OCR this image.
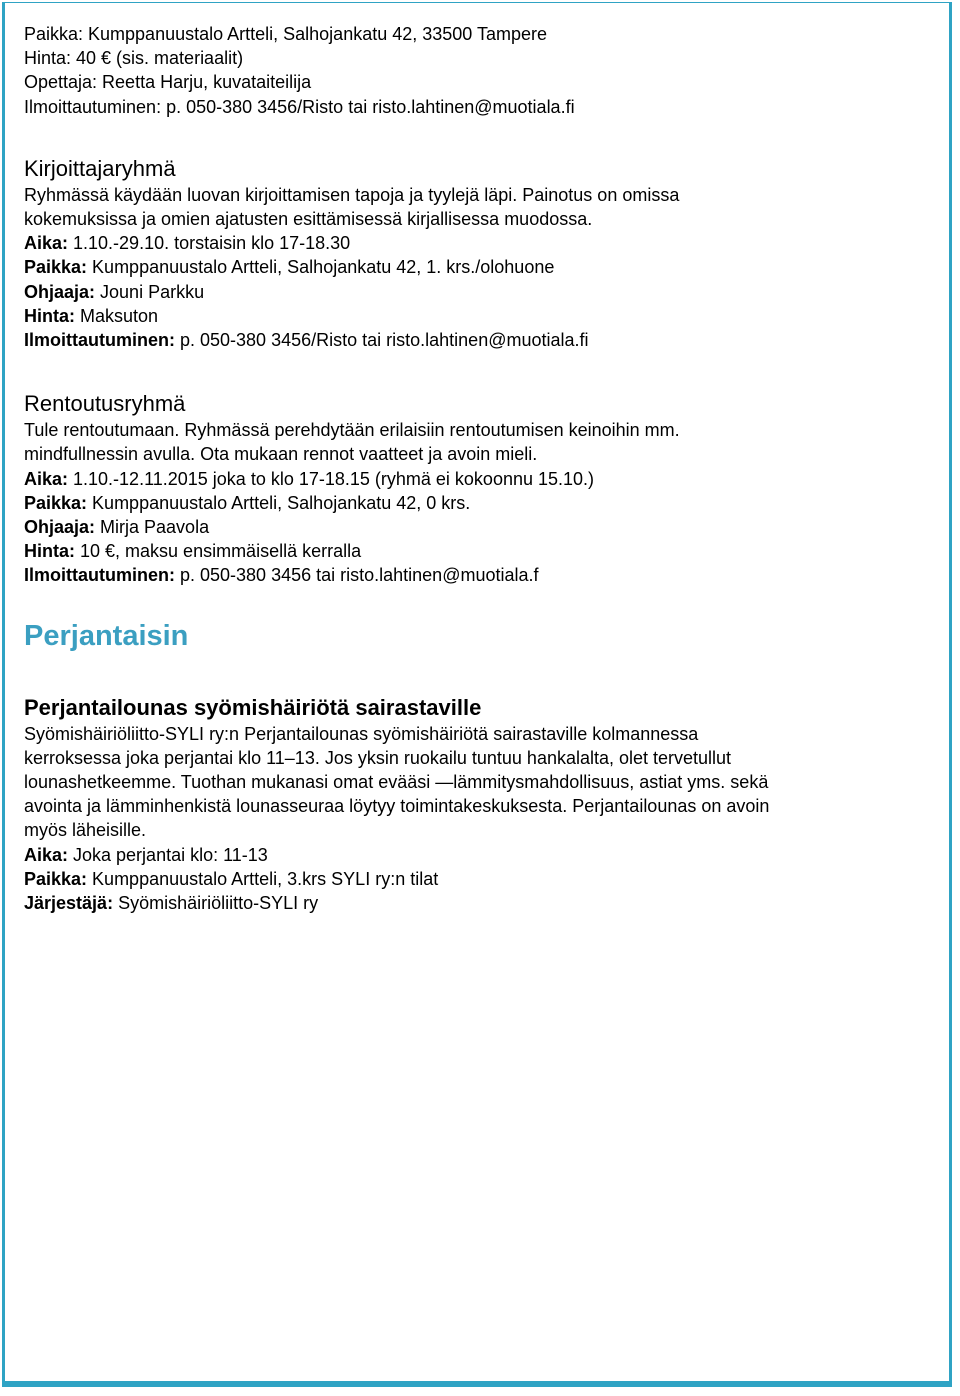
Paikka: Kumppanuustalo Artteli, Salhojankatu 42, 33500 Tampere
Hinta: 40 € (sis. materiaalit)
Opettaja: Reetta Harju, kuvataiteilija
Ilmoittautuminen: p. 050-380 3456/Risto tai risto.lahtinen@muotiala.fi
Kirjoittajaryhmä
Ryhmässä käydään luovan kirjoittamisen tapoja ja tyylejä läpi. Painotus on omissa
kokemuksissa ja omien ajatusten esittämisessä kirjallisessa muodossa.
Aika: 1.10.-29.10. torstaisin klo 17-18.30
Paikka: Kumppanuustalo Artteli, Salhojankatu 42, 1. krs./olohuone
Ohjaaja: Jouni Parkku
Hinta: Maksuton
Ilmoittautuminen: p. 050-380 3456/Risto tai risto.lahtinen@muotiala.fi
Rentoutusryhmä
Tule rentoutumaan. Ryhmässä perehdytään erilaisiin rentoutumisen keinoihin mm.
mindfullnessin avulla. Ota mukaan rennot vaatteet ja avoin mieli.
Aika: 1.10.-12.11.2015 joka to klo 17-18.15 (ryhmä ei kokoonnu 15.10.)
Paikka: Kumppanuustalo Artteli, Salhojankatu 42, 0 krs.
Ohjaaja: Mirja Paavola
Hinta: 10 €, maksu ensimmäisellä kerralla
Ilmoittautuminen: p. 050-380 3456 tai risto.lahtinen@muotiala.f
Perjantaisin
Perjantailounas syömishäiriötä sairastaville
Syömishäiriöliitto-SYLI ry:n Perjantailounas syömishäiriötä sairastaville kolmannessa
kerroksessa joka perjantai klo 11–13. Jos yksin ruokailu tuntuu hankalalta, olet tervetullut
lounashetkeemme. Tuothan mukanasi omat evääsi —lämmitysmahdollisuus, astiat yms. sekä
avointa ja lämminhenkistä lounasseuraa löytyy toimintakeskuksesta. Perjantailounas on avoin
myös läheisille.
Aika: Joka perjantai klo: 11-13
Paikka: Kumppanuustalo Artteli, 3.krs SYLI ry:n tilat
Järjestäjä: Syömishäiriöliitto-SYLI ry
